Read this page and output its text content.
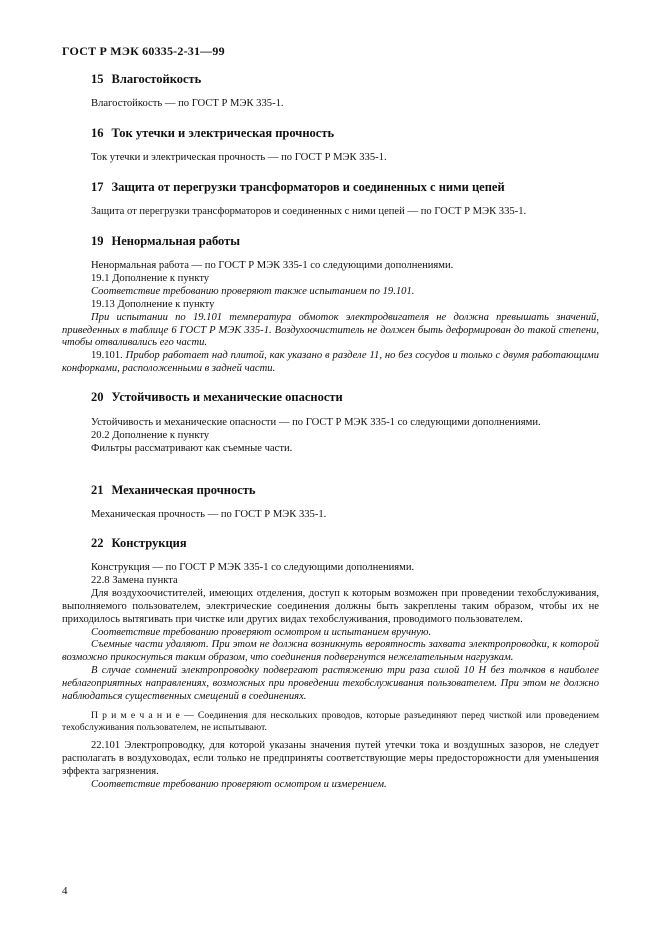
ГОСТ Р МЭК 60335-2-31—99
15 Влагостойкость

Влагостойкость — по ГОСТ Р МЭК 335-1.

16 Ток утечки и электрическая прочность

Ток утечки и электрическая прочность — по ГОСТ Р МЭК 335-1.

17 Защита от перегрузки трансформаторов и соединенных с ними цепей

Защита от перегрузки трансформаторов и соединенных с ними цепей — по ГОСТ Р МЭК 335-1.

19 Ненормальная работы

Ненормальная работа — по ГОСТ Р МЭК 335-1 со следующими дополнениями.

19.1 Дополнение к пункту

Соответствие требованию проверяют также испытанием по 19.101.

19.13 Дополнение к пункту

При испытании по 19.101 температура обмоток электродвигателя не должна превышать значений, приведенных в таблице 6 ГОСТ Р МЭК 335-1. Воздухоочиститель не должен быть деформирован до такой степени, чтобы отваливались его части.

19.101. Прибор работает над плитой, как указано в разделе 11, но без сосудов и только с двумя работающими конфорками, расположенными в задней части.

20 Устойчивость и механические опасности

Устойчивость и механические опасности — по ГОСТ Р МЭК 335-1 со следующими дополнениями.

20.2 Дополнение к пункту

Фильтры рассматривают как съемные части.

21 Механическая прочность

Механическая прочность — по ГОСТ Р МЭК 335-1.

22 Конструкция

Конструкция — по ГОСТ Р МЭК 335-1 со следующими дополнениями.

22.8 Замена пункта

Для воздухоочистителей, имеющих отделения, доступ к которым возможен при проведении техобслуживания, выполняемого пользователем, электрические соединения должны быть закреплены таким образом, чтобы их не приходилось вытягивать при чистке или других видах техобслуживания, проводимого пользователем.

Соответствие требованию проверяют осмотром и испытанием вручную.

Съемные части удаляют. При этом не должна возникнуть вероятность захвата электропроводки, к которой возможно прикоснуться таким образом, что соединения подвергнутся нежелательным нагрузкам.

В случае сомнений электропроводку подвергают растяжению три раза силой 10 Н без толчков в наиболее неблагоприятных направлениях, возможных при проведении техобслуживания пользователем. При этом не должно наблюдаться существенных смещений в соединениях.

П р и м е ч а н и е — Соединения для нескольких проводов, которые разъединяют перед чисткой или проведением техобслуживания пользователем, не испытывают.

22.101 Электропроводку, для которой указаны значения путей утечки тока и воздушных зазоров, не следует располагать в воздуховодах, если только не предприняты соответствующие меры предосторожности для уменьшения эффекта загрязнения.

Соответствие требованию проверяют осмотром и измерением.

4
